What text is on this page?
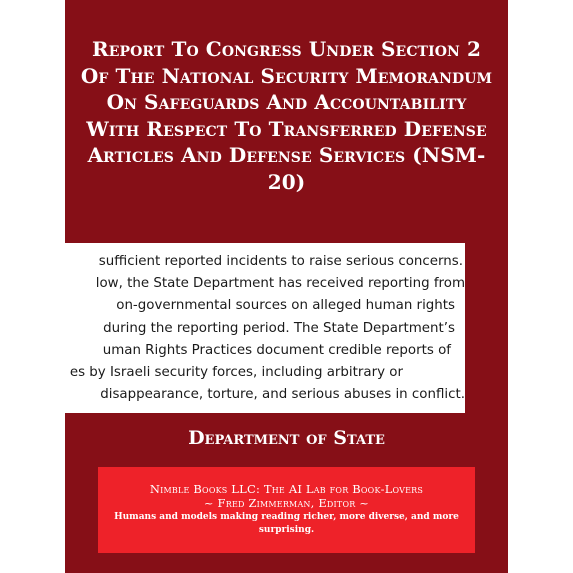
Report To Congress Under Section 2 Of The National Security Memorandum On Safeguards And Accountability With Respect To Transferred Defense Articles And Defense Services (NSM-20)
sufficient reported incidents to raise serious concerns.
low, the State Department has received reporting from
on-governmental sources on alleged human rights
during the reporting period. The State Department’s
uman Rights Practices document credible reports of
es by Israeli security forces, including arbitrary or
disappearance, torture, and serious abuses in conflict.
Department of State
Nimble Books LLC: The AI Lab for Book-Lovers
~ Fred Zimmerman, Editor ~
Humans and models making reading richer, more diverse, and more surprising.
